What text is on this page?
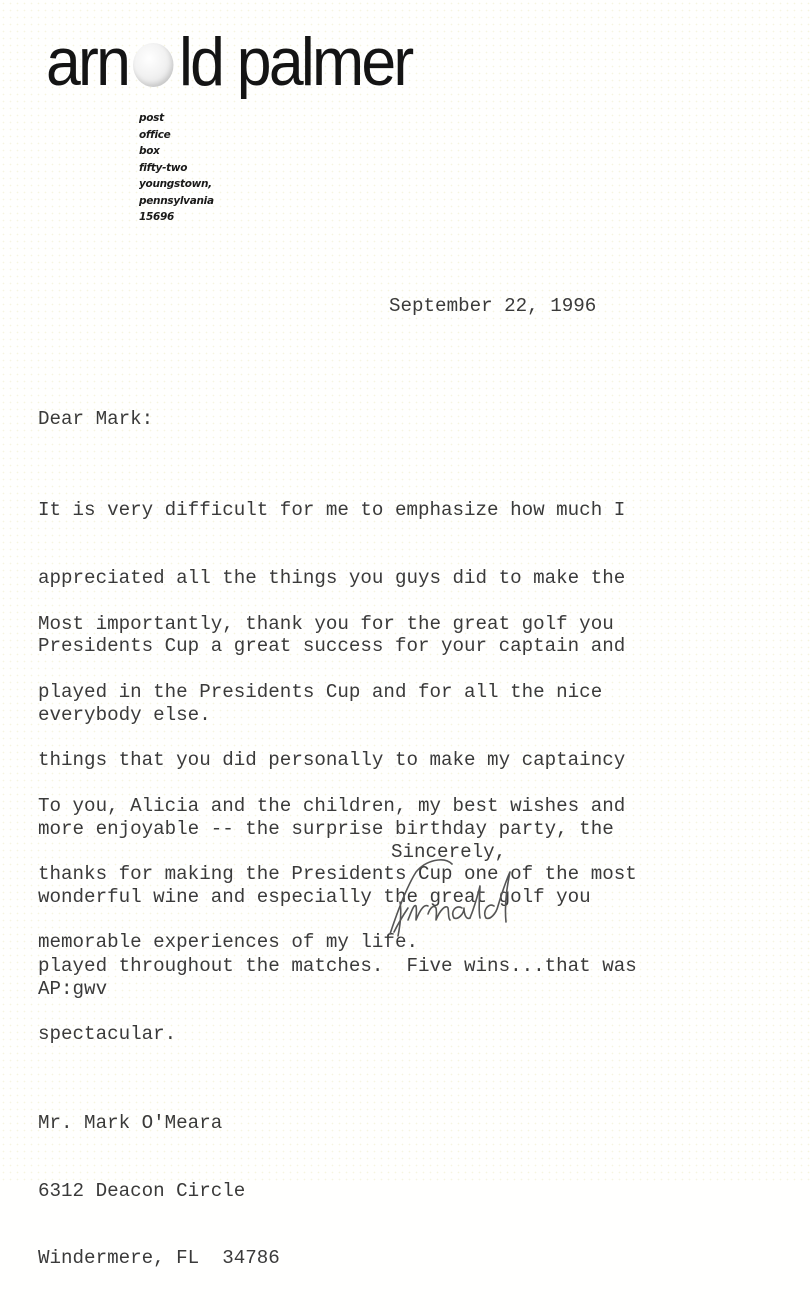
arn ld palmer
post
office
box
fifty-two
youngstown,
pennsylvania
15696
September 22, 1996
Dear Mark:

It is very difficult for me to emphasize how much I

appreciated all the things you guys did to make the

Presidents Cup a great success for your captain and

everybody else.

Most importantly, thank you for the great golf you

played in the Presidents Cup and for all the nice

things that you did personally to make my captaincy

more enjoyable -- the surprise birthday party, the

wonderful wine and especially the great golf you

played throughout the matches.  Five wins...that was

spectacular.

To you, Alicia and the children, my best wishes and

thanks for making the Presidents Cup one of the most

memorable experiences of my life.

Sincerely,
AP:gwv

Mr. Mark O'Meara

6312 Deacon Circle

Windermere, FL  34786
